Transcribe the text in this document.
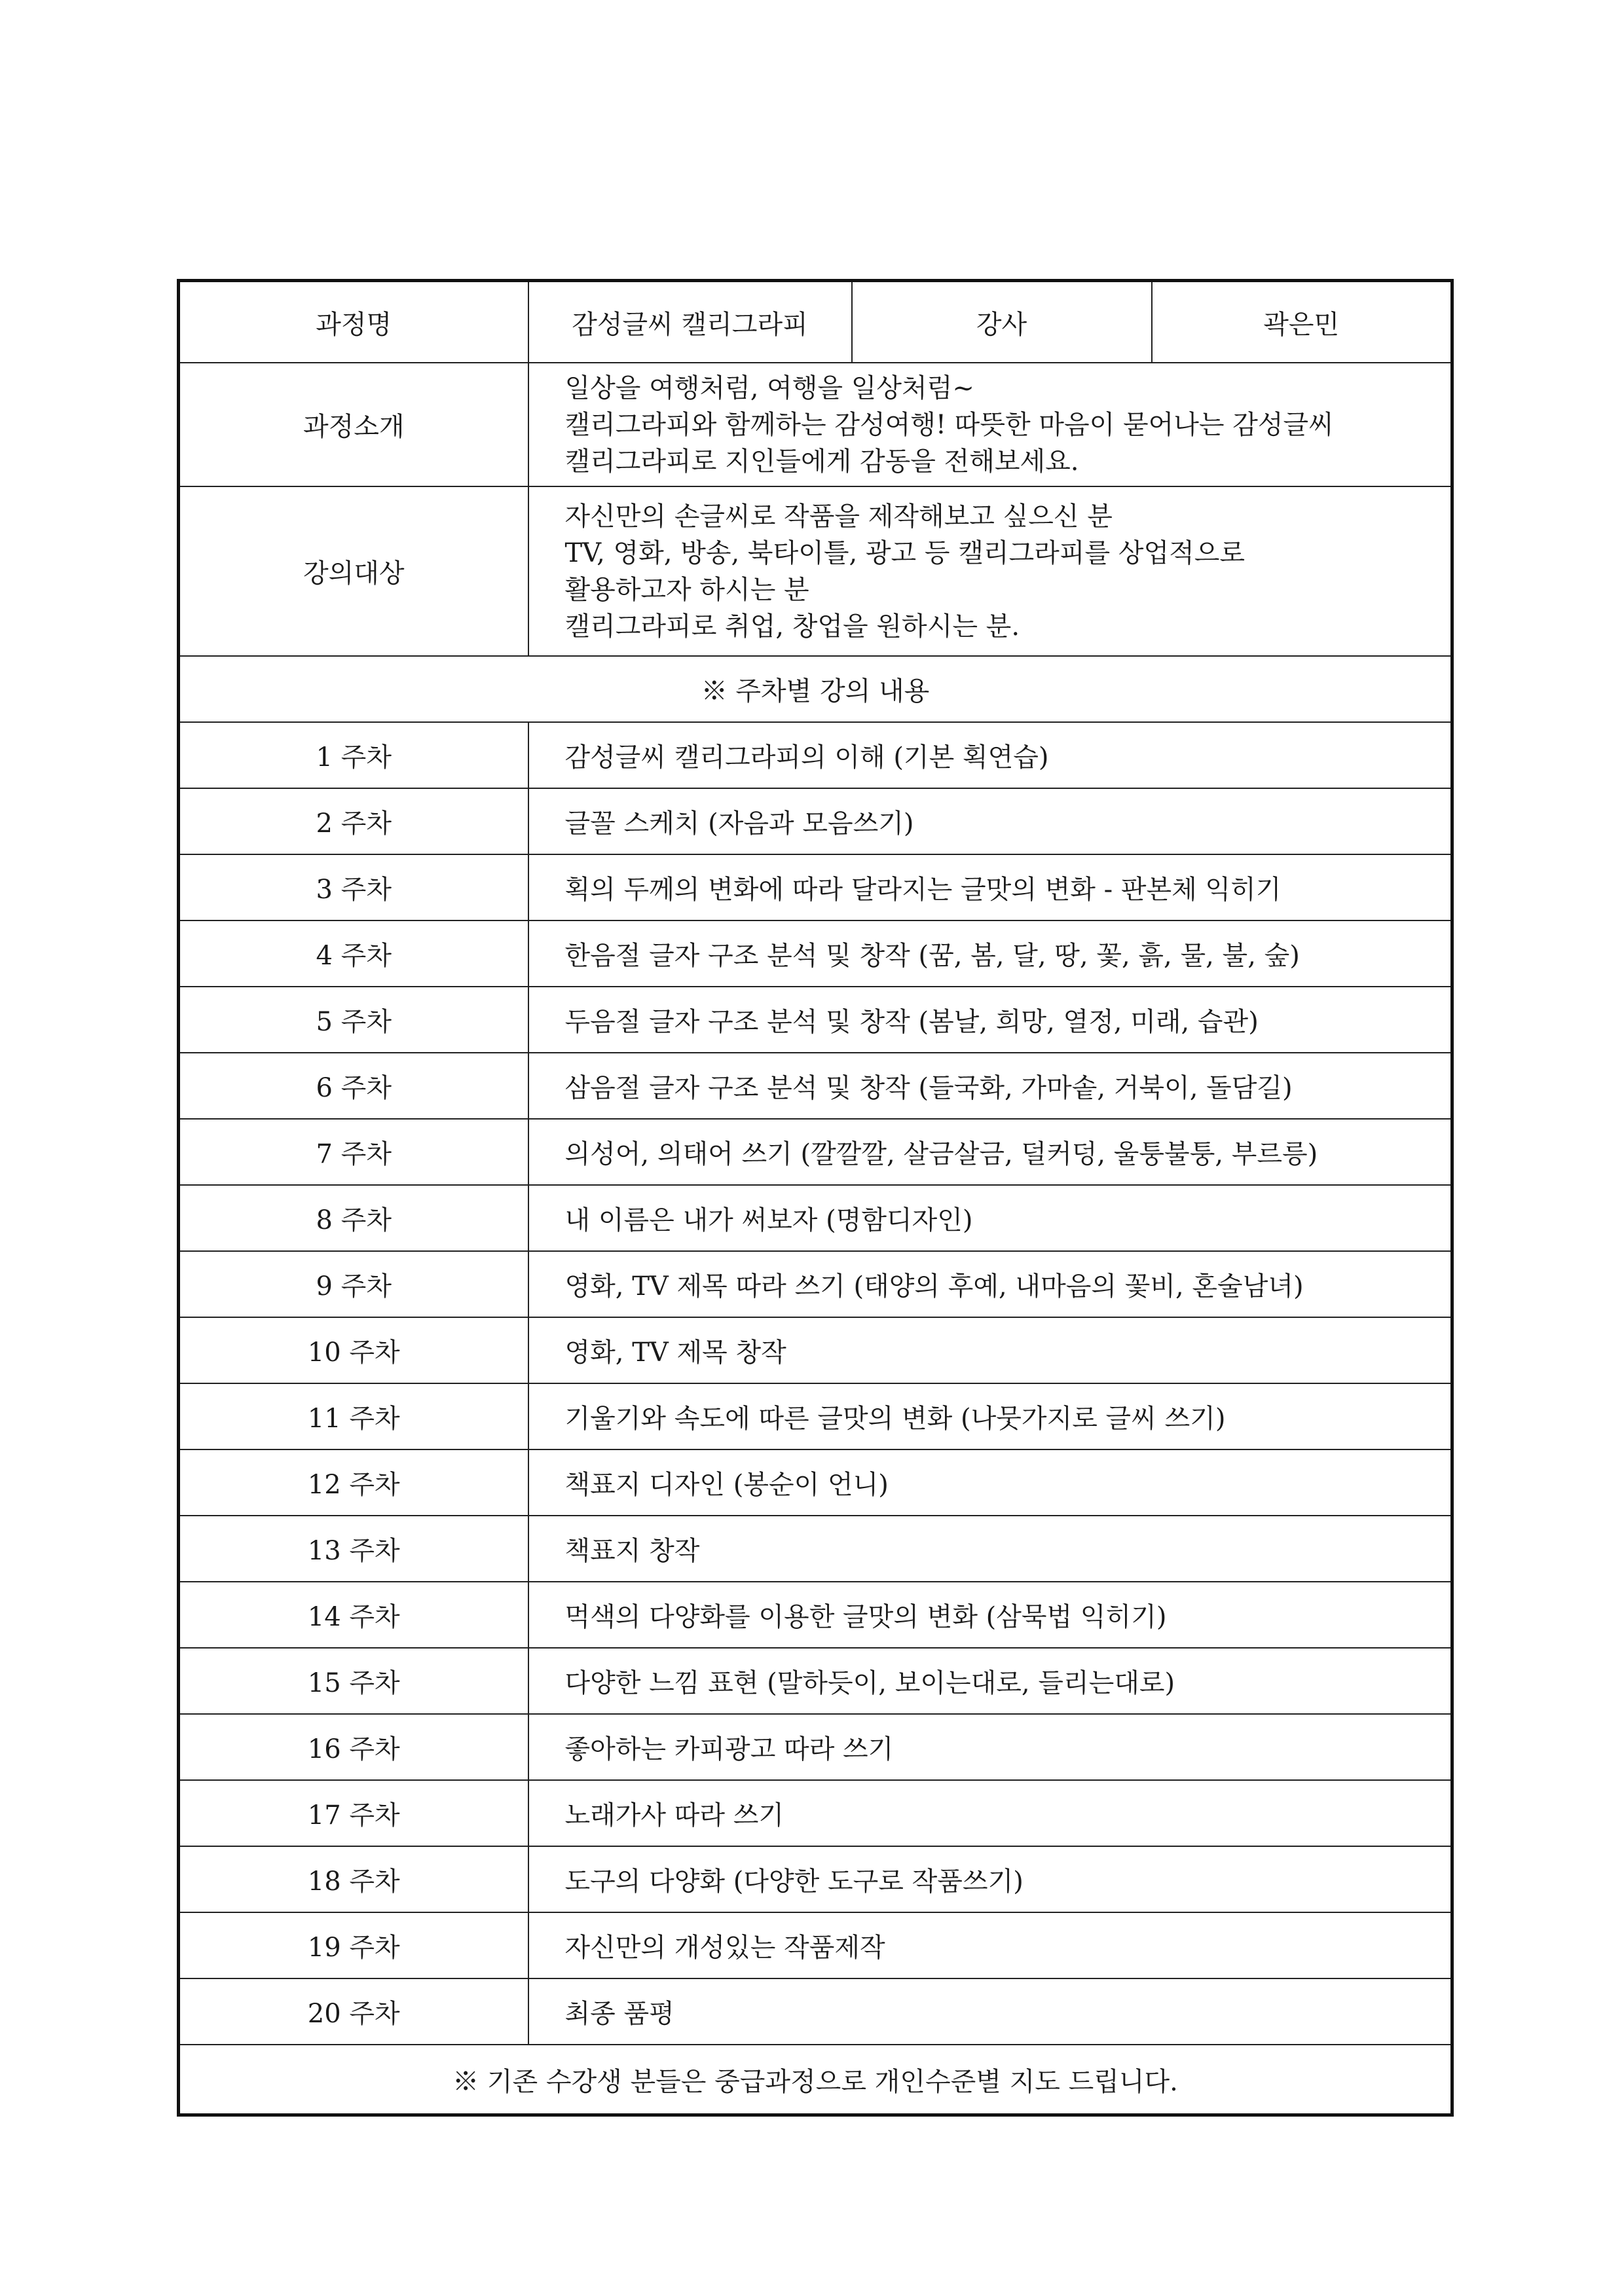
과정명	감성글씨 캘리그라피	강사	곽은민
과정소개	일상을 여행처럼, 여행을 일상처럼~
캘리그라피와 함께하는 감성여행! 따뜻한 마음이 묻어나는 감성글씨
캘리그라피로 지인들에게 감동을 전해보세요.		

강의대상	자신만의 손글씨로 작품을 제작해보고 싶으신 분
TV, 영화, 방송, 북타이틀, 광고 등 캘리그라피를 상업적으로
활용하고자 하시는 분
캘리그라피로 취업, 창업을 원하시는 분.		

※ 주차별 강의 내용			
1 주차	감성글씨 캘리그라피의 이해 (기본 획연습)		
2 주차	글꼴 스케치 (자음과 모음쓰기)		
3 주차	획의 두께의 변화에 따라 달라지는 글맛의 변화 - 판본체 익히기		
4 주차	한음절 글자 구조 분석 및 창작 (꿈, 봄, 달, 땅, 꽃, 흙, 물, 불, 숲)		
5 주차	두음절 글자 구조 분석 및 창작 (봄날, 희망, 열정, 미래, 습관)		
6 주차	삼음절 글자 구조 분석 및 창작 (들국화, 가마솥, 거북이, 돌담길)		
7 주차	의성어, 의태어 쓰기 (깔깔깔, 살금살금, 덜커덩, 울퉁불퉁, 부르릉)		
8 주차	내 이름은 내가 써보자 (명함디자인)		
9 주차	영화, TV 제목 따라 쓰기 (태양의 후예, 내마음의 꽃비, 혼술남녀)		
10 주차	영화, TV 제목 창작		
11 주차	기울기와 속도에 따른 글맛의 변화 (나뭇가지로 글씨 쓰기)		
12 주차	책표지 디자인 (봉순이 언니)		
13 주차	책표지 창작		
14 주차	먹색의 다양화를 이용한 글맛의 변화 (삼묵법 익히기)		
15 주차	다양한 느낌 표현 (말하듯이, 보이는대로, 들리는대로)		
16 주차	좋아하는 카피광고 따라 쓰기		
17 주차	노래가사 따라 쓰기		
18 주차	도구의 다양화 (다양한 도구로 작품쓰기)		
19 주차	자신만의 개성있는 작품제작		
20 주차	최종 품평		
※ 기존 수강생 분들은 중급과정으로 개인수준별 지도 드립니다.			
